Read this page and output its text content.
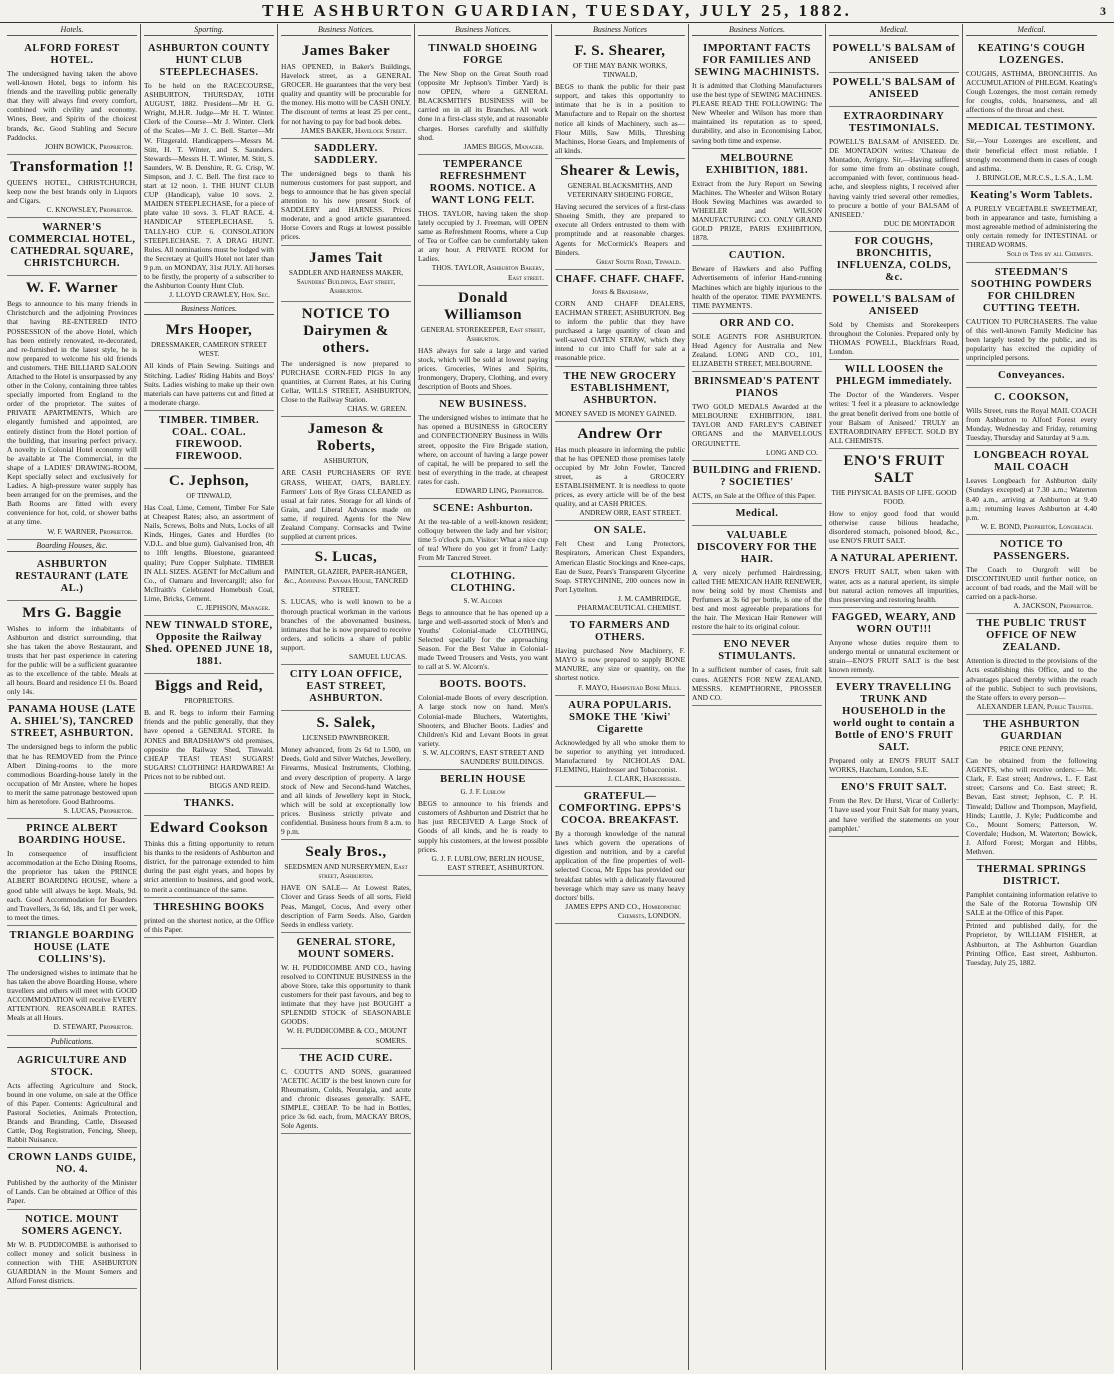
THE ASHBURTON GUARDIAN, TUESDAY, JULY 25, 1882.	3
Hotels.
ALFORD FOREST HOTEL.
The undersigned having taken the above well-known Hotel, begs to inform his friends and the travelling public generally that they will always find every comfort, combined with civility and economy. Wines, Beer, and Spirits of the choicest brands, &c. Good Stabling and Secure Paddocks.
JOHN BOWICK, Proprietor.
Transformation !!
QUEEN'S HOTEL, CHRISTCHURCH, keep now the best brands only in Liquors and Cigars.
C. KNOWSLEY, Proprietor.
WARNER'S COMMERCIAL HOTEL, CATHEDRAL SQUARE, CHRISTCHURCH.
W. F. Warner
Begs to announce to his many friends in Christchurch and the adjoining Provinces that having RE-ENTERED INTO POSSESSION of the above Hotel, which has been entirely renovated, re-decorated, and re-furnished in the latest style, he is now prepared to welcome his old friends and customers. THE BILLIARD SALOON Attached to the Hotel is unsurpassed by any other in the Colony, containing three tables specially imported from England to the order of the proprietor. The suites of PRIVATE APARTMENTS, Which are elegantly furnished and appointed, are entirely distinct from the Hotel portion of the building, that insuring perfect privacy. A novelty in Colonial Hotel economy will be available at The Commercial, in the shape of a LADIES' DRAWING-ROOM, Kept specially select and exclusively for Ladies. A high-pressure water supply has been arranged for on the premises, and the Bath Rooms are fitted with every convenience for hot, cold, or shower baths at any time.
W. F. WARNER, Proprietor.
Boarding Houses, &c.
ASHBURTON RESTAURANT (LATE AL.)
Mrs G. Baggie
Wishes to inform the inhabitants of Ashburton and district surrounding, that she has taken the above Restaurant, and trusts that her past experience in catering for the public will be a sufficient guarantee as to the excellence of the table. Meals at all hours. Board and residence £1 0s. Board only 14s.
PANAMA HOUSE (LATE A. SHIEL'S), TANCRED STREET, ASHBURTON.
The undersigned begs to inform the public that he has REMOVED from the Prince Albert Dining-rooms to the more commodious Boarding-house lately in the occupation of Mr Anstee, where he hopes to merit the same patronage bestowed upon him as heretofore. Good Bathrooms.
S. LUCAS, Proprietor.
PRINCE ALBERT BOARDING HOUSE.
In consequence of insufficient accommodation at the Echo Dining Rooms, the proprietor has taken the PRINCE ALBERT BOARDING HOUSE, where a good table will always be kept. Meals, 9d. each. Good Accommodation for Boarders and Travellers, 3s 6d, 18s, and £1 per week, to meet the times.
TRIANGLE BOARDING HOUSE (LATE COLLINS'S).
The undersigned wishes to intimate that he has taken the above Boarding House, where travellers and others will meet with GOOD ACCOMMODATION will receive EVERY ATTENTION. REASONABLE RATES. Meals at all Hours.
D. STEWART, Proprietor.
Publications.
AGRICULTURE AND STOCK.
Acts affecting Agriculture and Stock, bound in one volume, on sale at the Office of this Paper. Contents: Agricultural and Pastoral Societies, Animals Protection, Brands and Branding, Cattle, Diseased Cattle, Dog Registration, Fencing, Sheep, Rabbit Nuisance.
CROWN LANDS GUIDE, NO. 4.
Published by the authority of the Minister of Lands. Can be obtained at Office of this Paper.
NOTICE. MOUNT SOMERS AGENCY.
Mr W. B. PUDDICOMBE is authorised to collect money and solicit business in connection with THE ASHBURTON GUARDIAN in the Mount Somers and Alford Forest districts.
Sporting.
ASHBURTON COUNTY HUNT CLUB STEEPLECHASES.
To be held on the RACECOURSE, ASHBURTON, THURSDAY, 10TH AUGUST, 1882. President—Mr H. G. Wright, M.H.R. Judge—Mr H. T. Winter. Clerk of the Course—Mr J. Winter. Clerk of the Scales—Mr J. C. Bell. Starter—Mr W. Fitzgerald. Handicappers—Messrs M. Stitt, H. T. Winter, and S. Saunders. Stewards—Messrs H. T. Winter, M. Stitt, S. Saunders, W. B. Denshire, R. G. Crisp, W. Simpson, and J. C. Bell. The first race to start at 12 noon. 1. THE HUNT CLUB CUP (Handicap), value 10 sovs. 2. MAIDEN STEEPLECHASE, for a piece of plate value 10 sovs. 3. FLAT RACE. 4. HANDICAP STEEPLECHASE. 5. TALLY-HO CUP. 6. CONSOLATION STEEPLECHASE. 7. A DRAG HUNT. Rules. All nominations must be lodged with the Secretary at Quill's Hotel not later than 9 p.m. on MONDAY, 31st JULY. All horses to be firstly, the property of a subscriber to the Ashburton County Hunt Club.
J. LLOYD CRAWLEY, Hon. Sec.
Business Notices.
Mrs Hooper,
DRESSMAKER, CAMERON STREET WEST.
All kinds of Plain Sewing. Suitings and Stitching. Ladies' Riding Habits and Boys' Suits. Ladies wishing to make up their own materials can have patterns cut and fitted at a moderate charge.
TIMBER. TIMBER. COAL. COAL. FIREWOOD. FIREWOOD.
C. Jephson,
OF TINWALD,
Has Coal, Lime, Cement, Timber For Sale at Cheapest Rates; also, an assortment of Nails, Screws, Bolts and Nuts, Locks of all Kinds, Hinges, Gates and Hurdles (to V.D.L. and blue gum). Galvanised Iron, 4ft to 10ft lengths. Bluestone, guaranteed quality; Pure Copper Sulphate. TIMBER IN ALL SIZES. AGENT for McCallum and Co., of Oamaru and Invercargill; also for McIlraith's Celebrated Homebush Coal, Lime, Bricks, Cement.
C. JEPHSON, Manager.
NEW TINWALD STORE, Opposite the Railway Shed. OPENED JUNE 18, 1881.
Biggs and Reid,
PROPRIETORS.
B. and R. begs to inform their Farming friends and the public generally, that they have opened a GENERAL STORE. In JONES and BRADSHAW'S old premises, opposite the Railway Shed, Tinwald. CHEAP TEAS! TEAS! SUGARS! SUGARS! CLOTHING! HARDWARE! At Prices not to be rubbed out.
BIGGS AND REID.
THANKS.
Edward Cookson
Thinks this a fitting opportunity to return his thanks to the residents of Ashburton and district, for the patronage extended to him during the past eight years, and hopes by strict attention to business, and good work, to merit a continuance of the same.
THRESHING BOOKS
printed on the shortest notice, at the Office of this Paper.
Business Notices.
James Baker
HAS OPENED, in Baker's Buildings, Havelock street, as a GENERAL GROCER. He guarantees that the very best quality and quantity will be procurable for the money. His motto will be CASH ONLY. The discount of terms at least 25 per cent., for not having to pay for bad book debts.
JAMES BAKER, Havelock Street.
SADDLERY. SADDLERY.
The undersigned begs to thank his numerous customers for past support, and begs to announce that he has given special attention to his new present Stock of SADDLERY and HARNESS. Prices moderate, and a good article guaranteed. Horse Covers and Rugs at lowest possible prices.
James Tait
SADDLER AND HARNESS MAKER, Saunders' Buildings, East street, Ashburton.
NOTICE TO Dairymen & others.
The undersigned is now prepared to PURCHASE CORN-FED PIGS In any quantities, at Current Rates, at his Curing Cellar, WILLS STREET, ASHBURTON, Close to the Railway Station.
CHAS. W. GREEN.
Jameson & Roberts,
ASHBURTON,
ARE CASH PURCHASERS OF RYE GRASS, WHEAT, OATS, BARLEY. Farmers' Lots of Rye Grass CLEANED as usual at fair rates. Storage for all kinds of Grain, and Liberal Advances made on same, if required. Agents for the New Zealand Company. Cornsacks and Twine supplied at current prices.
S. Lucas,
PAINTER, GLAZIER, PAPER-HANGER, &c., Adjoining Panama House, TANCRED STREET.
S. LUCAS, who is well known to be a thorough practical workman in the various branches of the abovenamed business, intimates that he is now prepared to receive orders, and solicits a share of public support.
SAMUEL LUCAS.
CITY LOAN OFFICE, EAST STREET, ASHBURTON.
S. Salek,
LICENSED PAWNBROKER.
Money advanced, from 2s 6d to L500, on Deeds, Gold and Silver Watches, Jewellery, Firearms, Musical Instruments, Clothing, and every description of property. A large stock of New and Second-hand Watches, and all kinds of Jewellery kept in Stock, which will be sold at exceptionally low prices. Business strictly private and confidential. Business hours from 8 a.m. to 9 p.m.
Sealy Bros.,
SEEDSMEN AND NURSERYMEN, East street, Ashburton.
HAVE ON SALE— At Lowest Rates, Clover and Grass Seeds of all sorts, Field Peas, Mangel, Cocus, And every other description of Farm Seeds. Also, Garden Seeds in endless variety.
GENERAL STORE, MOUNT SOMERS.
W. H. PUDDICOMBE AND CO., having resolved to CONTINUE BUSINESS in the above Store, take this opportunity to thank customers for their past favours, and beg to intimate that they have just BOUGHT a SPLENDID STOCK of SEASONABLE GOODS.
W. H. PUDDICOMBE & CO., MOUNT SOMERS.
THE ACID CURE.
C. COUTTS AND SONS, guaranteed 'ACETIC ACID' is the best known cure for Rheumatism, Colds, Neuralgia, and acute and chronic diseases generally. SAFE, SIMPLE, CHEAP. To be had in Bottles, price 3s 6d. each, from, MACKAY BROS, Sole Agents.
Business Notices.
TINWALD SHOEING FORGE
The New Shop on the Great South road (opposite Mr Jephson's Timber Yard) is now OPEN, where a GENERAL BLACKSMITH'S BUSINESS will be carried on in all its Branches. All work done in a first-class style, and at reasonable charges. Horses carefully and skilfully shod.
JAMES BIGGS, Manager.
TEMPERANCE REFRESHMENT ROOMS. NOTICE. A WANT LONG FELT.
THOS. TAYLOR, having taken the shop lately occupied by J. Freeman, will OPEN same as Refreshment Rooms, where a Cup of Tea or Coffee can be comfortably taken at any hour. A PRIVATE ROOM for Ladies.
THOS. TAYLOR, Ashburton Bakery, East street.
Donald Williamson
GENERAL STOREKEEPER, East street, Ashburton.
HAS always for sale a large and varied stock, which will be sold at lowest paying prices. Groceries, Wines and Spirits, Ironmongery, Drapery, Clothing, and every description of Boots and Shoes.
NEW BUSINESS.
The undersigned wishes to intimate that he has opened a BUSINESS in GROCERY and CONFECTIONERY Business in Wills street, opposite the Fire Brigade station, where, on account of having a large power of capital, he will be prepared to sell the best of everything in the trade, at cheapest rates for cash.
EDWARD LING, Proprietor.
SCENE: Ashburton.
At the tea-table of a well-known resident; colloquy between the lady and her visitor; time 5 o'clock p.m. Visitor: What a nice cup of tea! Where do you get it from? Lady: From Mr Tancred Street.
CLOTHING. CLOTHING.
S. W. Alcorn
Begs to announce that he has opened up a large and well-assorted stock of Men's and Youths' Colonial-made CLOTHING, Selected specially for the approaching Season. For the Best Value in Colonial-made Tweed Trousers and Vests, you want to call at S. W. Alcorn's.
BOOTS. BOOTS.
Colonial-made Boots of every description. A large stock now on hand. Men's Colonial-made Bluchers, Watertights, Shooters, and Blucher Boots. Ladies' and Children's Kid and Levant Boots in great variety.
S. W. ALCORN'S, EAST STREET AND SAUNDERS' BUILDINGS.
BERLIN HOUSE
G. J. F. Lublow
BEGS to announce to his friends and customers of Ashburton and District that he has just RECEIVED A Large Stock of Goods of all kinds, and he is ready to supply his customers, at the lowest possible prices.
G. J. F. LUBLOW, BERLIN HOUSE, EAST STREET, ASHBURTON.
Business Notices
F. S. Shearer,
OF THE MAY BANK WORKS, TINWALD,
BEGS to thank the public for their past support, and takes this opportunity to intimate that he is in a position to Manufacture and to Repair on the shortest notice all kinds of Machinery, such as—Flour Mills, Saw Mills, Threshing Machines, Horse Gears, and Implements of all kinds.
Shearer & Lewis,
GENERAL BLACKSMITHS, AND VETERINARY SHOEING FORGE,
Having secured the services of a first-class Shoeing Smith, they are prepared to execute all Orders entrusted to them with promptitude and at reasonable charges. Agents for McCormick's Reapers and Binders.
Great South Road, Tinwald.
CHAFF. CHAFF. CHAFF.
Jones & Bradshaw,
CORN AND CHAFF DEALERS, EACHMAN STREET, ASHBURTON. Beg to inform the public that they have purchased a large quantity of clean and well-saved OATEN STRAW, which they intend to cut into Chaff for sale at a reasonable price.
THE NEW GROCERY ESTABLISHMENT, ASHBURTON.
MONEY SAVED IS MONEY GAINED.
Andrew Orr
Has much pleasure in informing the public that he has OPENED those premises lately occupied by Mr John Fowler, Tancred street, as a GROCERY ESTABLISHMENT. It is needless to quote prices, as every article will be of the best quality, and at CASH PRICES.
ANDREW ORR, EAST STREET.
ON SALE.
Felt Chest and Lung Protectors, Respirators, American Chest Expanders, American Elastic Stockings and Knee-caps, Eau de Suez, Pears's Transparent Glycerine Soap. STRYCHNINE, 200 ounces now in Port Lyttelton.
J. M. CAMBRIDGE, PHARMACEUTICAL CHEMIST.
TO FARMERS AND OTHERS.
Having purchased New Machinery, F. MAYO is now prepared to supply BONE MANURE, any size or quantity, on the shortest notice.
F. MAYO, Hampstead Bone Mills.
AURA POPULARIS. SMOKE THE 'Kiwi' Cigarette
Acknowledged by all who smoke them to be superior to anything yet introduced. Manufactured by NICHOLAS DAL FLEMING, Hairdresser and Tobacconist.
J. CLARK, Hairdresser.
GRATEFUL—COMFORTING. EPPS'S COCOA. BREAKFAST.
By a thorough knowledge of the natural laws which govern the operations of digestion and nutrition, and by a careful application of the fine properties of well-selected Cocoa, Mr Epps has provided our breakfast tables with a delicately flavoured beverage which may save us many heavy doctors' bills.
JAMES EPPS AND CO., Homœopathic Chemists, LONDON.
Business Notices.
IMPORTANT FACTS FOR FAMILIES AND SEWING MACHINISTS.
It is admitted that Clothing Manufacturers use the best type of SEWING MACHINES. PLEASE READ THE FOLLOWING: The New Wheeler and Wilson has more than maintained its reputation as to speed, durability, and also in Economising Labor, saving both time and expense.
MELBOURNE EXHIBITION, 1881.
Extract from the Jury Report on Sewing Machines. The Wheeler and Wilson Rotary Hook Sewing Machines was awarded to WHEELER and WILSON MANUFACTURING CO. ONLY GRAND GOLD PRIZE, PARIS EXHIBITION, 1878.
CAUTION.
Beware of Hawkers and also Puffing Advertisements of inferior Hand-running Machines which are highly injurious to the health of the operator. TIME PAYMENTS. TIME PAYMENTS.
ORR AND CO.
SOLE AGENTS FOR ASHBURTON. Head Agency for Australia and New Zealand. LONG AND CO., 101, ELIZABETH STREET, MELBOURNE.
BRINSMEAD'S PATENT PIANOS
TWO GOLD MEDALS Awarded at the MELBOURNE EXHIBITION, 1881. TAYLOR AND FARLEY'S CABINET ORGANS and the MARVELLOUS ORGUINETTE.
LONG AND CO.
BUILDING and FRIEND. ? SOCIETIES'
ACTS, on Sale at the Office of this Paper.
Medical.
VALUABLE DISCOVERY FOR THE HAIR.
A very nicely perfumed Hairdressing, called THE MEXICAN HAIR RENEWER, now being sold by most Chemists and Perfumers at 3s 6d per bottle, is one of the best and most agreeable preparations for the hair. The Mexican Hair Renewer will restore the hair to its original colour.
ENO NEVER STIMULANTS.
In a sufficient number of cases, fruit salt cures. AGENTS FOR NEW ZEALAND, MESSRS. KEMPTHORNE, PROSSER AND CO.
Medical.
POWELL'S BALSAM of ANISEED
POWELL'S BALSAM of ANISEED
EXTRAORDINARY TESTIMONIALS.
POWELL'S BALSAM of ANISEED. Dr. DE MONTADON writes: 'Chateau de Montadon, Avrigny. Sir,—Having suffered for some time from an obstinate cough, accompanied with fever, continuous head-ache, and sleepless nights, I received after having vainly tried several other remedies, to procure a bottle of your BALSAM of ANISEED.'
DUC DE MONTADOR
FOR COUGHS, BRONCHITIS, INFLUENZA, COLDS, &c.
POWELL'S BALSAM of ANISEED
Sold by Chemists and Storekeepers throughout the Colonies. Prepared only by THOMAS POWELL, Blackfriars Road, London.
WILL LOOSEN the PHLEGM immediately.
The Doctor of the Wanderers. Vesper writes: 'I feel it a pleasure to acknowledge the great benefit derived from one bottle of your Balsam of Aniseed.' TRULY an EXTRAORDINARY EFFECT. SOLD BY ALL CHEMISTS.
ENO'S FRUIT SALT
THE PHYSICAL BASIS OF LIFE. GOOD FOOD.
How to enjoy good food that would otherwise cause bilious headache, disordered stomach, poisoned blood, &c., use ENO'S FRUIT SALT.
A NATURAL APERIENT.
ENO'S FRUIT SALT, when taken with water, acts as a natural aperient, its simple but natural action removes all impurities, thus preserving and restoring health.
FAGGED, WEARY, AND WORN OUT!!!
Anyone whose duties require them to undergo mental or unnatural excitement or strain—ENO'S FRUIT SALT is the best known remedy.
EVERY TRAVELLING TRUNK AND HOUSEHOLD in the world ought to contain a Bottle of ENO'S FRUIT SALT.
Prepared only at ENO'S FRUIT SALT WORKS, Hatcham, London, S.E.
ENO'S FRUIT SALT.
From the Rev. Dr Hurst, Vicar of Collerly: 'I have used your Fruit Salt for many years, and have verified the statements on your pamphlet.'
Medical.
KEATING'S COUGH LOZENGES.
COUGHS, ASTHMA, BRONCHITIS. An ACCUMULATION of PHLEGM. Keating's Cough Lozenges, the most certain remedy for coughs, colds, hoarseness, and all affections of the throat and chest.
MEDICAL TESTIMONY.
Sir,—Your Lozenges are excellent, and their beneficial effect most reliable. I strongly recommend them in cases of cough and asthma.
J. BRINGLOE, M.R.C.S., L.S.A., L.M.
Keating's Worm Tablets.
A PURELY VEGETABLE SWEETMEAT, both in appearance and taste, furnishing a most agreeable method of administering the only certain remedy for INTESTINAL or THREAD WORMS.
Sold in Tins by all Chemists.
STEEDMAN'S SOOTHING POWDERS FOR CHILDREN CUTTING TEETH.
CAUTION TO PURCHASERS. The value of this well-known Family Medicine has been largely tested by the public, and its popularity has excited the cupidity of unprincipled persons.
Conveyances.
C. COOKSON,
Wills Street, runs the Royal MAIL COACH from Ashburton to Alford Forest every Monday, Wednesday and Friday, returning Tuesday, Thursday and Saturday at 9 a.m.
LONGBEACH ROYAL MAIL COACH
Leaves Longbeach for Ashburton daily (Sundays excepted) at 7.30 a.m.; Waterton 8.40 a.m., arriving at Ashburton at 9.40 a.m.; returning leaves Ashburton at 4.40 p.m.
W. E. BOND, Proprietor, Longbeach.
NOTICE TO PASSENGERS.
The Coach to Ourgroft will be DISCONTINUED until further notice, on account of bad roads, and the Mail will be carried on a pack-horse.
A. JACKSON, Proprietor.
THE PUBLIC TRUST OFFICE OF NEW ZEALAND.
Attention is directed to the provisions of the Acts establishing this Office, and to the advantages placed thereby within the reach of the public. Subject to such provisions, the State offers to every person—
ALEXANDER LEAN, Public Trustee.
THE ASHBURTON GUARDIAN
PRICE ONE PENNY,
Can be obtained from the following AGENTS, who will receive orders:— Mr. Clark, F. East street; Andrews, L. F. East street; Carsons and Co. East street; R. Bevan, East street; Jephson, C. P. H. Tinwald; Dallow and Thompson, Mayfield, Hinds; Lauttle, J. Kyle; Puddicombe and Co., Mount Somers; Patterson, W. Coverdale; Hudson, M. Waterton; Bowick, J. Alford Forest; Morgan and Hibbs, Methven.
THERMAL SPRINGS DISTRICT.
Pamphlet containing information relative to the Sale of the Rotorua Township ON SALE at the Office of this Paper.
Printed and published daily, for the Proprietor, by WILLIAM FISHER, at Ashburton, at The Ashburton Guardian Printing Office, East street, Ashburton. Tuesday, July 25, 1882.
